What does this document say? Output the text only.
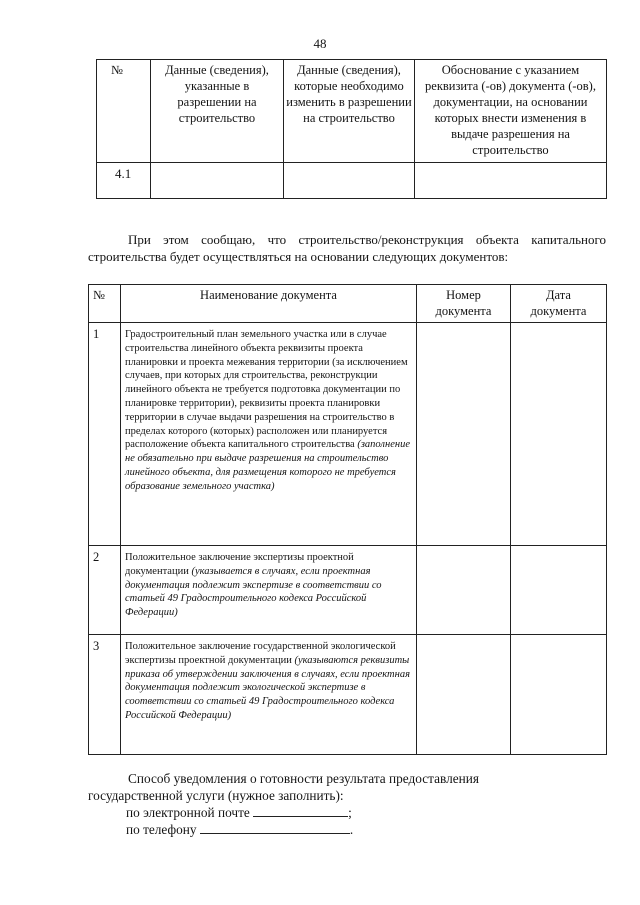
48
№	Данные (сведения), указанные в разрешении на строительство	Данные (сведения), которые необходимо изменить в разрешении на строительство	Обоснование с указанием реквизита (-ов) документа (-ов), документации, на основании которых внести изменения в выдаче разрешения на строительство
4.1			

При этом сообщаю, что строительство/реконструкция объекта капитального строительства будет осуществляться на основании следующих документов:

№	Наименование документа	Номер документа	Дата документа
1	Градостроительный план земельного участка или в случае строительства линейного объекта реквизиты проекта планировки и проекта межевания территории (за исключением случаев, при которых для строительства, реконструкции линейного объекта не требуется подготовка документации по планировке территории), реквизиты проекта планировки территории в случае выдачи разрешения на строительство в пределах которого (которых) расположен или планируется расположение объекта капитального строительства (заполнение не обязательно при выдаче разрешения на строительство линейного объекта, для размещения которого не требуется образование земельного участка)		
2	Положительное заключение экспертизы проектной документации (указывается в случаях, если проектная документация подлежит экспертизе в соответствии со статьей 49 Градостроительного кодекса Российской Федерации)		
3	Положительное заключение государственной экологической экспертизы проектной документации (указываются реквизиты приказа об утверждении заключения в случаях, если проектная документация подлежит экологической экспертизе в соответствии со статьей 49 Градостроительного кодекса Российской Федерации)		

Способ уведомления о готовности результата предоставления

государственной услуги (нужное заполнить):

по электронной почте	;

по телефону	.
